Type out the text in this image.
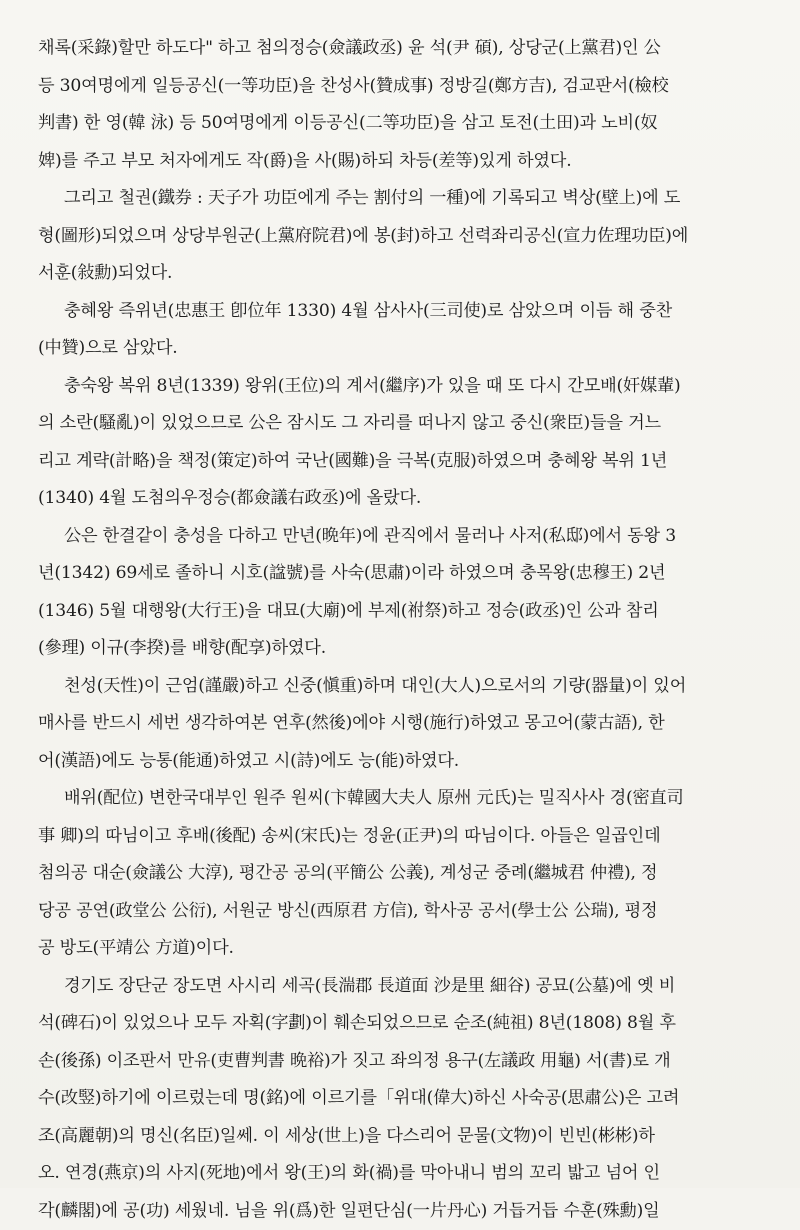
채록(采錄)할만 하도다" 하고 첨의정승(僉議政丞) 윤 석(尹 碩), 상당군(上黨君)인 公
등 30여명에게 일등공신(一等功臣)을 찬성사(贊成事) 정방길(鄭方吉), 검교판서(檢校
判書) 한 영(韓 泳) 등 50여명에게 이등공신(二等功臣)을 삼고 토전(土田)과 노비(奴
婢)를 주고 부모 처자에게도 작(爵)을 사(賜)하되 차등(差等)있게 하였다.
그리고 철권(鐵券 : 天子가 功臣에게 주는 割付의 一種)에 기록되고 벽상(壁上)에 도
형(圖形)되었으며 상당부원군(上黨府院君)에 봉(封)하고 선력좌리공신(宣力佐理功臣)에
서훈(敍勳)되었다.
충혜왕 즉위년(忠惠王 卽位年 1330) 4월 삼사사(三司使)로 삼았으며 이듬 해 중찬
(中贊)으로 삼았다.
충숙왕 복위 8년(1339) 왕위(王位)의 계서(繼序)가 있을 때 또 다시 간모배(奸媒輩)
의 소란(騷亂)이 있었으므로 公은 잠시도 그 자리를 떠나지 않고 중신(衆臣)들을 거느
리고 계략(計略)을 책정(策定)하여 국난(國難)을 극복(克服)하였으며 충혜왕 복위 1년
(1340) 4월 도첨의우정승(都僉議右政丞)에 올랐다.
公은 한결같이 충성을 다하고 만년(晩年)에 관직에서 물러나 사저(私邸)에서 동왕 3
년(1342) 69세로 졸하니 시호(諡號)를 사숙(思肅)이라 하였으며 충목왕(忠穆王) 2년
(1346) 5월 대행왕(大行王)을 대묘(大廟)에 부제(祔祭)하고 정승(政丞)인 公과 참리
(參理) 이규(李揆)를 배향(配享)하였다.
천성(天性)이 근엄(謹嚴)하고 신중(愼重)하며 대인(大人)으로서의 기량(器量)이 있어
매사를 반드시 세번 생각하여본 연후(然後)에야 시행(施行)하였고 몽고어(蒙古語), 한
어(漢語)에도 능통(能通)하였고 시(詩)에도 능(能)하였다.
배위(配位) 변한국대부인 원주 원씨(卞韓國大夫人 原州 元氏)는 밀직사사 경(密直司
事 卿)의 따님이고 후배(後配) 송씨(宋氏)는 정윤(正尹)의 따님이다. 아들은 일곱인데
첨의공 대순(僉議公 大淳), 평간공 공의(平簡公 公義), 계성군 중례(繼城君 仲禮), 정
당공 공연(政堂公 公衍), 서원군 방신(西原君 方信), 학사공 공서(學士公 公瑞), 평정
공 방도(平靖公 方道)이다.
경기도 장단군 장도면 사시리 세곡(長湍郡 長道面 沙是里 細谷) 공묘(公墓)에 옛 비
석(碑石)이 있었으나 모두 자획(字劃)이 훼손되었으므로 순조(純祖) 8년(1808) 8월 후
손(後孫) 이조판서 만유(吏曹判書 晩裕)가 짓고 좌의정 용구(左議政 用龜) 서(書)로 개
수(改竪)하기에 이르렀는데 명(銘)에 이르기를「위대(偉大)하신 사숙공(思肅公)은 고려
조(高麗朝)의 명신(名臣)일쎄. 이 세상(世上)을 다스리어 문물(文物)이 빈빈(彬彬)하
오. 연경(燕京)의 사지(死地)에서 왕(王)의 화(禍)를 막아내니 범의 꼬리 밟고 넘어 인
각(麟閣)에 공(功) 세웠네. 님을 위(爲)한 일편단심(一片丹心) 거듭거듭 수훈(殊勳)일
